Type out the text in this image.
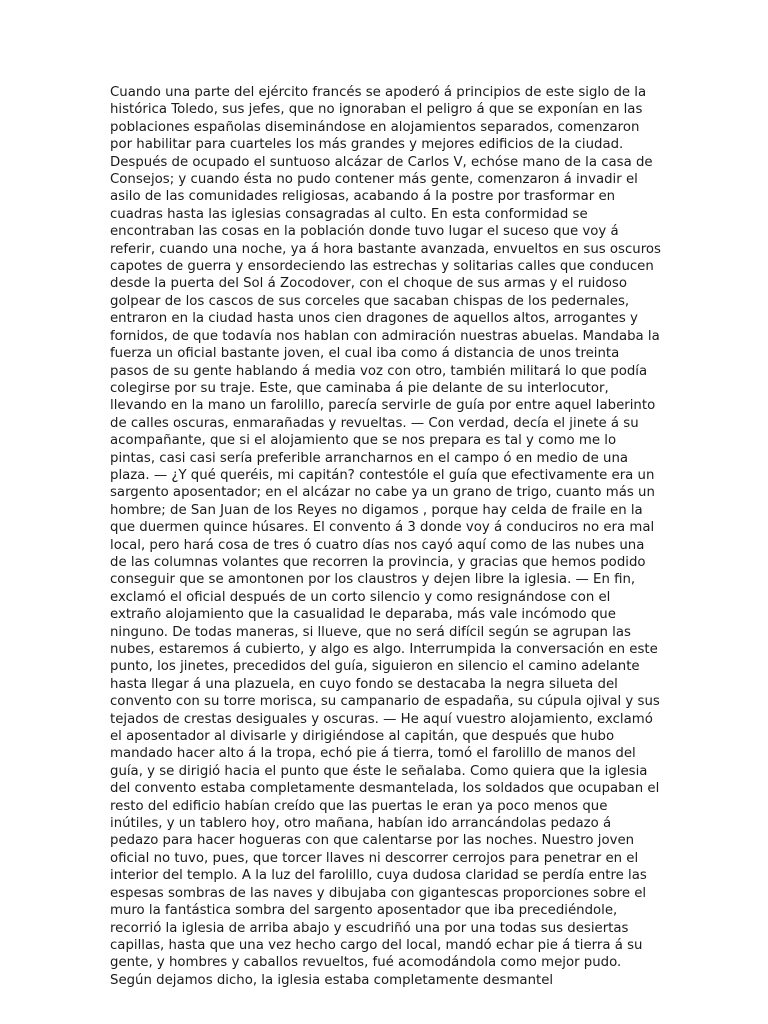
Cuando una parte del ejército francés se apoderó á principios de este siglo de la histórica Toledo, sus jefes, que no ignoraban el peligro á que se exponían en las poblaciones españolas diseminándose en alojamientos separados, comenzaron por habilitar para cuarteles los más grandes y mejores edificios de la ciudad. Después de ocupado el suntuoso alcázar de Carlos V, echóse mano de la casa de Consejos; y cuando ésta no pudo contener más gente, comenzaron á invadir el asilo de las comunidades religiosas, acabando á la postre por trasformar en cuadras hasta las iglesias consagradas al culto. En esta conformidad se encontraban las cosas en la población donde tuvo lugar el suceso que voy á referir, cuando una noche, ya á hora bastante avanzada, envueltos en sus oscuros capotes de guerra y ensordeciendo las estrechas y solitarias calles que conducen desde la puerta del Sol á Zocodover, con el choque de sus armas y el ruidoso golpear de los cascos de sus corceles que sacaban chispas de los pedernales, entraron en la ciudad hasta unos cien dragones de aquellos altos, arrogantes y fornidos, de que todavía nos hablan con admiración nuestras abuelas. Mandaba la fuerza un oficial bastante joven, el cual iba como á distancia de unos treinta pasos de su gente hablando á media voz con otro, también militará lo que podía colegirse por su traje. Este, que caminaba á pie delante de su interlocutor, llevando en la mano un farolillo, parecía servirle de guía por entre aquel laberinto de calles oscuras, enmarañadas y revueltas. — Con verdad, decía el jinete á su acompañante, que si el alojamiento que se nos prepara es tal y como me lo pintas, casi casi sería preferible arrancharnos en el campo ó en medio de una plaza. — ¿Y qué queréis, mi capitán? contestóle el guía que efectivamente era un sargento aposentador; en el alcázar no cabe ya un grano de trigo, cuanto más un hombre; de San Juan de los Reyes no digamos , porque hay celda de fraile en la que duermen quince húsares. El convento á 3 donde voy á conduciros no era mal local, pero hará cosa de tres ó cuatro días nos cayó aquí como de las nubes una de las columnas volantes que recorren la provincia, y gracias que hemos podido conseguir que se amontonen por los claustros y dejen libre la iglesia. — En fin, exclamó el oficial después de un corto silencio y como resignándose con el extraño alojamiento que la casualidad le deparaba, más vale incómodo que ninguno. De todas maneras, si llueve, que no será difícil según se agrupan las nubes, estaremos á cubierto, y algo es algo. Interrumpida la conversación en este punto, los jinetes, precedidos del guía, siguieron en silencio el camino adelante hasta llegar á una plazuela, en cuyo fondo se destacaba la negra silueta del convento con su torre morisca, su campanario de espadaña, su cúpula ojival y sus tejados de crestas desiguales y oscuras. — He aquí vuestro alojamiento, exclamó el aposentador al divisarle y dirigiéndose al capitán, que después que hubo mandado hacer alto á la tropa, echó pie á tierra, tomó el farolillo de manos del guía, y se dirigió hacia el punto que éste le señalaba. Como quiera que la iglesia del convento estaba completamente desmantelada, los soldados que ocupaban el resto del edificio habían creído que las puertas le eran ya poco menos que inútiles, y un tablero hoy, otro mañana, habían ido arrancándolas pedazo á pedazo para hacer hogueras con que calentarse por las noches. Nuestro joven oficial no tuvo, pues, que torcer llaves ni descorrer cerrojos para penetrar en el interior del templo. A la luz del farolillo, cuya dudosa claridad se perdía entre las espesas sombras de las naves y dibujaba con gigantescas proporciones sobre el muro la fantástica sombra del sargento aposentador que iba precediéndole, recorrió la iglesia de arriba abajo y escudriñó una por una todas sus desiertas capillas, hasta que una vez hecho cargo del local, mandó echar pie á tierra á su gente, y hombres y caballos revueltos, fué acomodándola como mejor pudo. Según dejamos dicho, la iglesia estaba completamente desmantel
